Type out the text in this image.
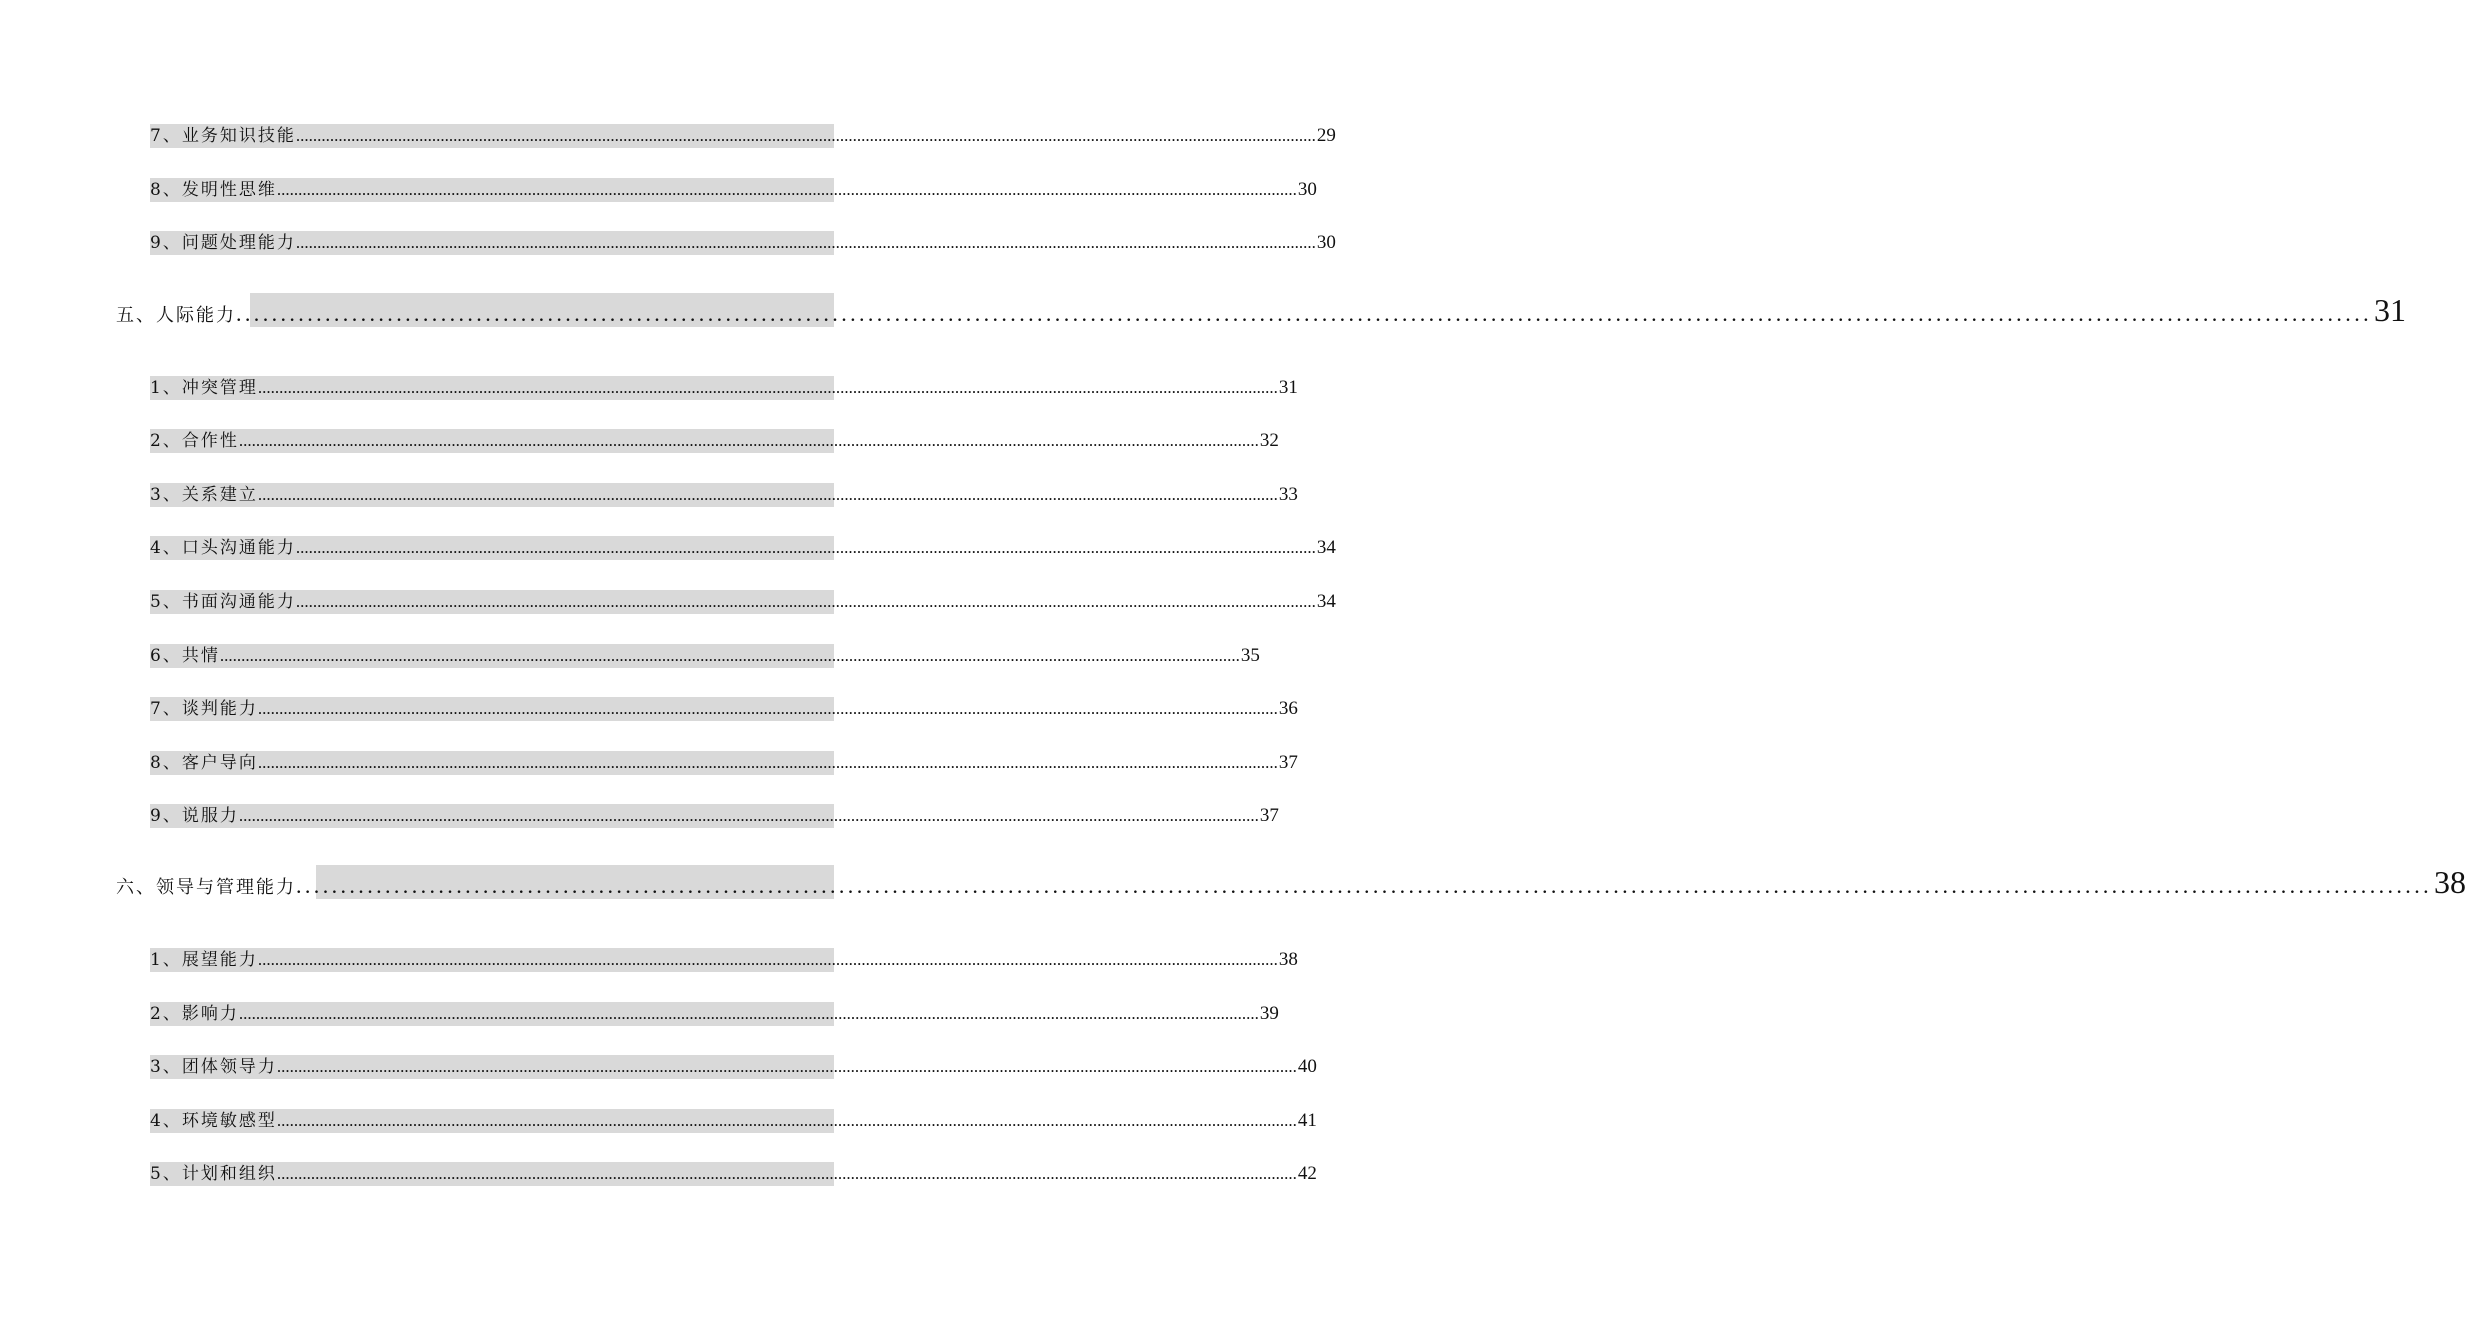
7、业务知识技能 ................................................................................................................................................................................................................................................ 29
8、发明性思维 ................................................................................................................................................................................................................................................ 30
9、问题处理能力 ................................................................................................................................................................................................................................................ 30
五、人际能力 ................................................................................................................................................................................................................................................ 31
1、冲突管理 ................................................................................................................................................................................................................................................ 31
2、合作性 ................................................................................................................................................................................................................................................ 32
3、关系建立 ................................................................................................................................................................................................................................................ 33
4、口头沟通能力 ................................................................................................................................................................................................................................................ 34
5、书面沟通能力 ................................................................................................................................................................................................................................................ 34
6、共情 ................................................................................................................................................................................................................................................ 35
7、谈判能力 ................................................................................................................................................................................................................................................ 36
8、客户导向 ................................................................................................................................................................................................................................................ 37
9、说服力 ................................................................................................................................................................................................................................................ 37
六、领导与管理能力 ................................................................................................................................................................................................................................................ 38
1、展望能力 ................................................................................................................................................................................................................................................ 38
2、影响力 ................................................................................................................................................................................................................................................ 39
3、团体领导力 ................................................................................................................................................................................................................................................ 40
4、环境敏感型 ................................................................................................................................................................................................................................................ 41
5、计划和组织 ................................................................................................................................................................................................................................................ 42
